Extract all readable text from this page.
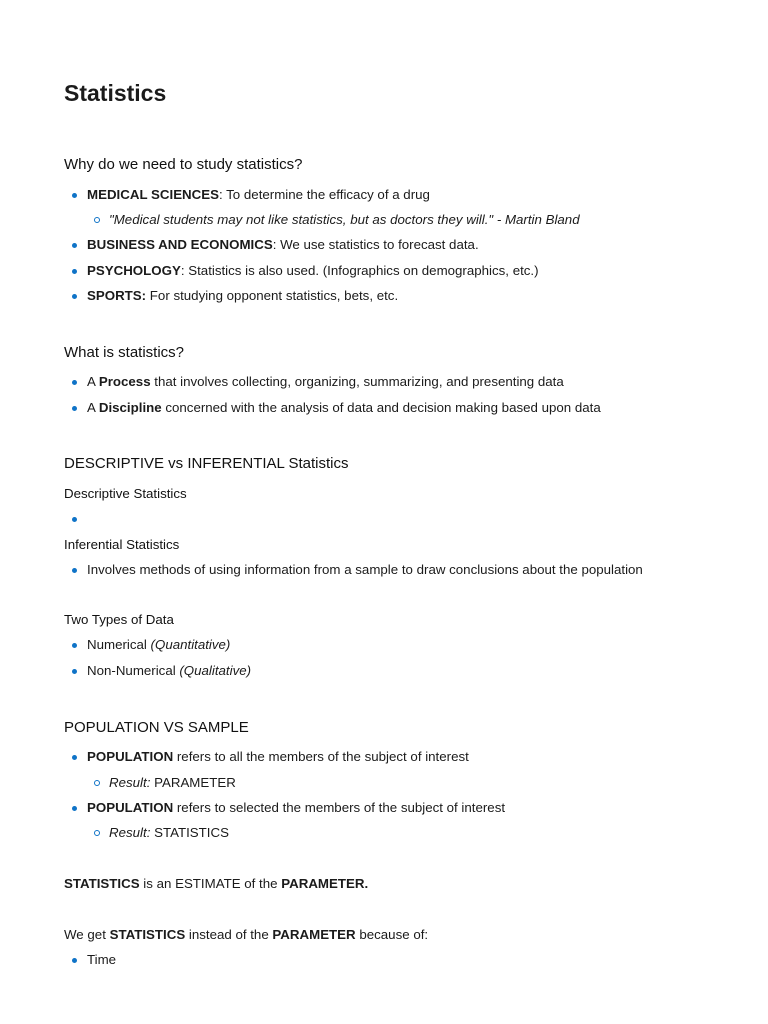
Statistics
Why do we need to study statistics?
MEDICAL SCIENCES: To determine the efficacy of a drug
"Medical students may not like statistics, but as doctors they will." - Martin Bland
BUSINESS AND ECONOMICS: We use statistics to forecast data.
PSYCHOLOGY: Statistics is also used. (Infographics on demographics, etc.)
SPORTS: For studying opponent statistics, bets, etc.
What is statistics?
A Process that involves collecting, organizing, summarizing, and presenting data
A Discipline concerned with the analysis of data and decision making based upon data
DESCRIPTIVE vs INFERENTIAL Statistics
Descriptive Statistics
Inferential Statistics
Involves methods of using information from a sample to draw conclusions about the population
Two Types of Data
Numerical (Quantitative)
Non-Numerical (Qualitative)
POPULATION VS SAMPLE
POPULATION refers to all the members of the subject of interest
Result: PARAMETER
POPULATION refers to selected the members of the subject of interest
Result: STATISTICS

STATISTICS is an ESTIMATE of the PARAMETER.

We get STATISTICS instead of the PARAMETER because of:

Time
